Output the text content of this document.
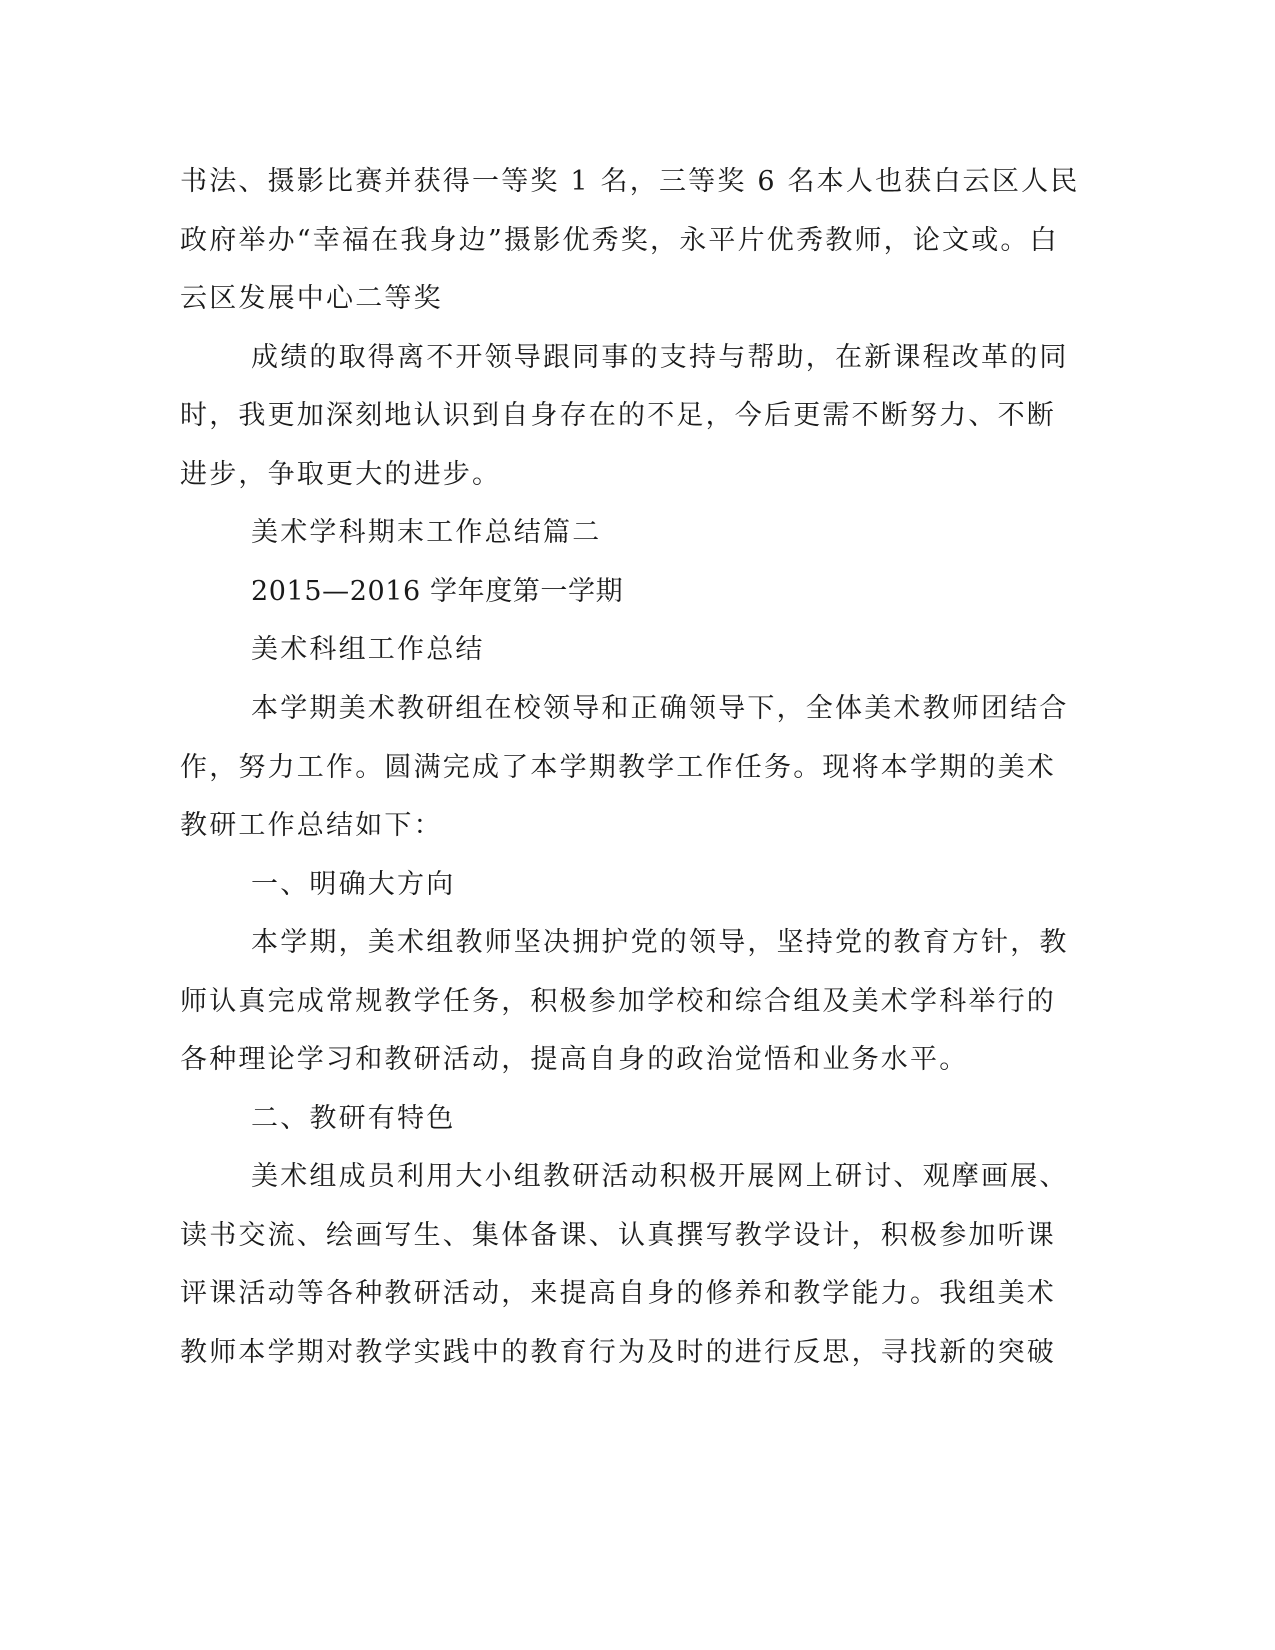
书法、摄影比赛并获得一等奖 1 名，三等奖 6 名本人也获白云区人民
政府举办“幸福在我身边”摄影优秀奖，永平片优秀教师，论文或。白
云区发展中心二等奖
成绩的取得离不开领导跟同事的支持与帮助，在新课程改革的同
时，我更加深刻地认识到自身存在的不足，今后更需不断努力、不断
进步，争取更大的进步。
美术学科期末工作总结篇二
2015—2016 学年度第一学期
美术科组工作总结
本学期美术教研组在校领导和正确领导下，全体美术教师团结合
作，努力工作。圆满完成了本学期教学工作任务。现将本学期的美术
教研工作总结如下：
一、明确大方向
本学期，美术组教师坚决拥护党的领导，坚持党的教育方针，教
师认真完成常规教学任务，积极参加学校和综合组及美术学科举行的
各种理论学习和教研活动，提高自身的政治觉悟和业务水平。
二、教研有特色
美术组成员利用大小组教研活动积极开展网上研讨、观摩画展、
读书交流、绘画写生、集体备课、认真撰写教学设计，积极参加听课
评课活动等各种教研活动，来提高自身的修养和教学能力。我组美术
教师本学期对教学实践中的教育行为及时的进行反思，寻找新的突破
